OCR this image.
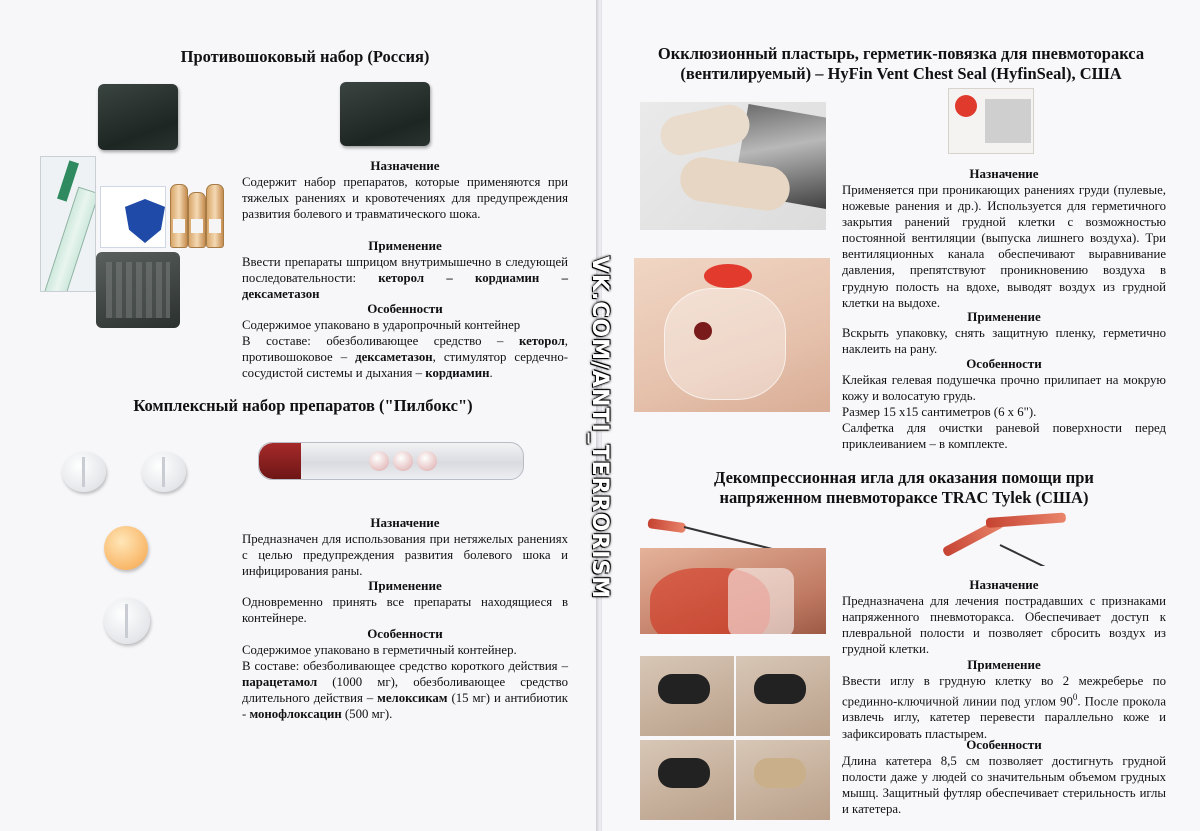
Противошоковый набор (Россия)
Назначение
Содержит набор препаратов, которые применяются при тяжелых ранениях и кровотечениях для предупреждения развития болевого и травматического шока.
Применение
Ввести препараты шприцом внутримышечно в следующей последовательности: кеторол – кордиамин – дексаметазон
Особенности
Содержимое упаковано в ударопрочный контейнер
В составе: обезболивающее средство – кеторол, противошоковое – дексаметазон, стимулятор сердечно-сосудистой системы и дыхания – кордиамин.
Комплексный набор препаратов ("Пилбокс")
Назначение
Предназначен для использования при нетяжелых ранениях с целью предупреждения развития болевого шока и инфицирования раны.
Применение
Одновременно принять все препараты находящиеся в контейнере.
Особенности
Содержимое упаковано в герметичный контейнер.
В составе: обезболивающее средство короткого действия – парацетамол (1000 мг), обезболивающее средство длительного действия – мелоксикам (15 мг) и антибиотик - монофлоксацин (500 мг).
Окклюзионный пластырь, герметик-повязка для пневмоторакса
(вентилируемый) – HyFin Vent Chest Seal (HyfinSeal), США
Назначение
Применяется при проникающих ранениях груди (пулевые, ножевые ранения и др.). Используется для герметичного закрытия ранений грудной клетки с возможностью постоянной вентиляции (выпуска лишнего воздуха). Три вентиляционных канала обеспечивают выравнивание давления, препятствуют проникновению воздуха в грудную полость на вдохе, выводят воздух из грудной клетки на выдохе.
Применение
Вскрыть упаковку, снять защитную пленку, герметично наклеить на рану.
Особенности
Клейкая гелевая подушечка прочно прилипает на мокрую кожу и волосатую грудь.
Размер 15 х15 сантиметров (6 х 6").
Салфетка для очистки раневой поверхности перед приклеиванием – в комплекте.
Декомпрессионная игла для оказания помощи при
напряженном пневмотораксе TRAC Tylek (США)
Назначение
Предназначена для лечения пострадавших с признаками напряженного пневмоторакса. Обеспечивает доступ к плевральной полости и позволяет сбросить воздух из грудной клетки.
Применение
Ввести иглу в грудную клетку во 2 межреберье по срединно-ключичной линии под углом $90^0$. После прокола извлечь иглу, катетер перевести параллельно коже и зафиксировать пластырем.
Особенности
Длина катетера 8,5 см позволяет достигнуть грудной полости даже у людей со значительным объемом грудных мышц. Защитный футляр обеспечивает стерильность иглы и катетера.
VK.COM/ANTI_TERRORISM
